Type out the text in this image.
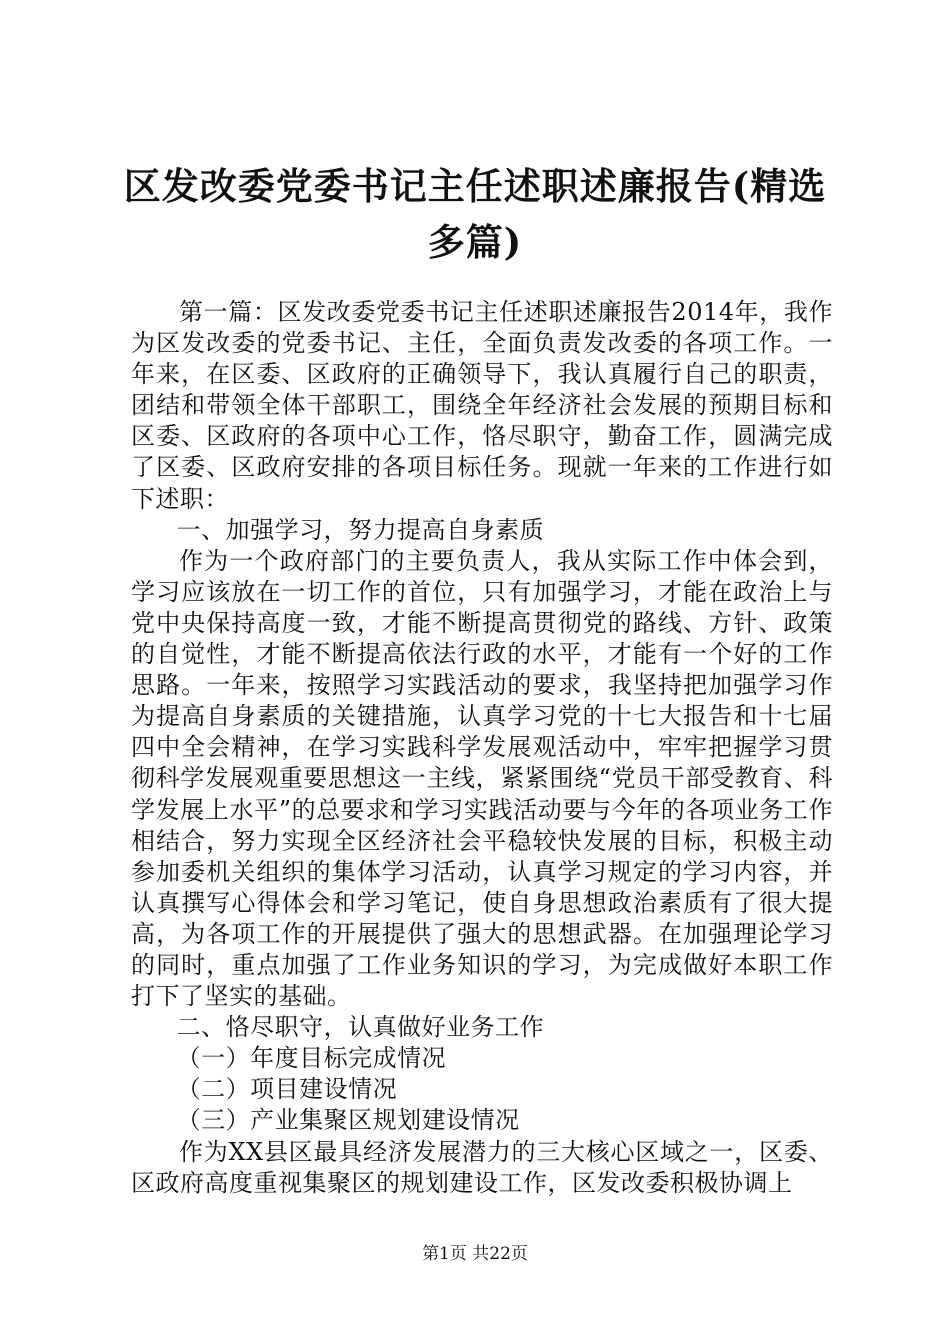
区发改委党委书记主任述职述廉报告(精选多篇)

第一篇：区发改委党委书记主任述职述廉报告2014年，我作为区发改委的党委书记、主任，全面负责发改委的各项工作。一年来，在区委、区政府的正确领导下，我认真履行自己的职责，团结和带领全体干部职工，围绕全年经济社会发展的预期目标和区委、区政府的各项中心工作，恪尽职守，勤奋工作，圆满完成了区委、区政府安排的各项目标任务。现就一年来的工作进行如下述职：

一、加强学习，努力提高自身素质

作为一个政府部门的主要负责人，我从实际工作中体会到，学习应该放在一切工作的首位，只有加强学习，才能在政治上与党中央保持高度一致，才能不断提高贯彻党的路线、方针、政策的自觉性，才能不断提高依法行政的水平，才能有一个好的工作思路。一年来，按照学习实践活动的要求，我坚持把加强学习作为提高自身素质的关键措施，认真学习党的十七大报告和十七届四中全会精神，在学习实践科学发展观活动中，牢牢把握学习贯彻科学发展观重要思想这一主线，紧紧围绕“党员干部受教育、科学发展上水平”的总要求和学习实践活动要与今年的各项业务工作相结合，努力实现全区经济社会平稳较快发展的目标，积极主动参加委机关组织的集体学习活动，认真学习规定的学习内容，并认真撰写心得体会和学习笔记，使自身思想政治素质有了很大提高，为各项工作的开展提供了强大的思想武器。在加强理论学习的同时，重点加强了工作业务知识的学习，为完成做好本职工作打下了坚实的基础。

二、恪尽职守，认真做好业务工作

（一）年度目标完成情况

（二）项目建设情况

（三）产业集聚区规划建设情况

作为XX县区最具经济发展潜力的三大核心区域之一，区委、区政府高度重视集聚区的规划建设工作，区发改委积极协调上

第1页 共22页
